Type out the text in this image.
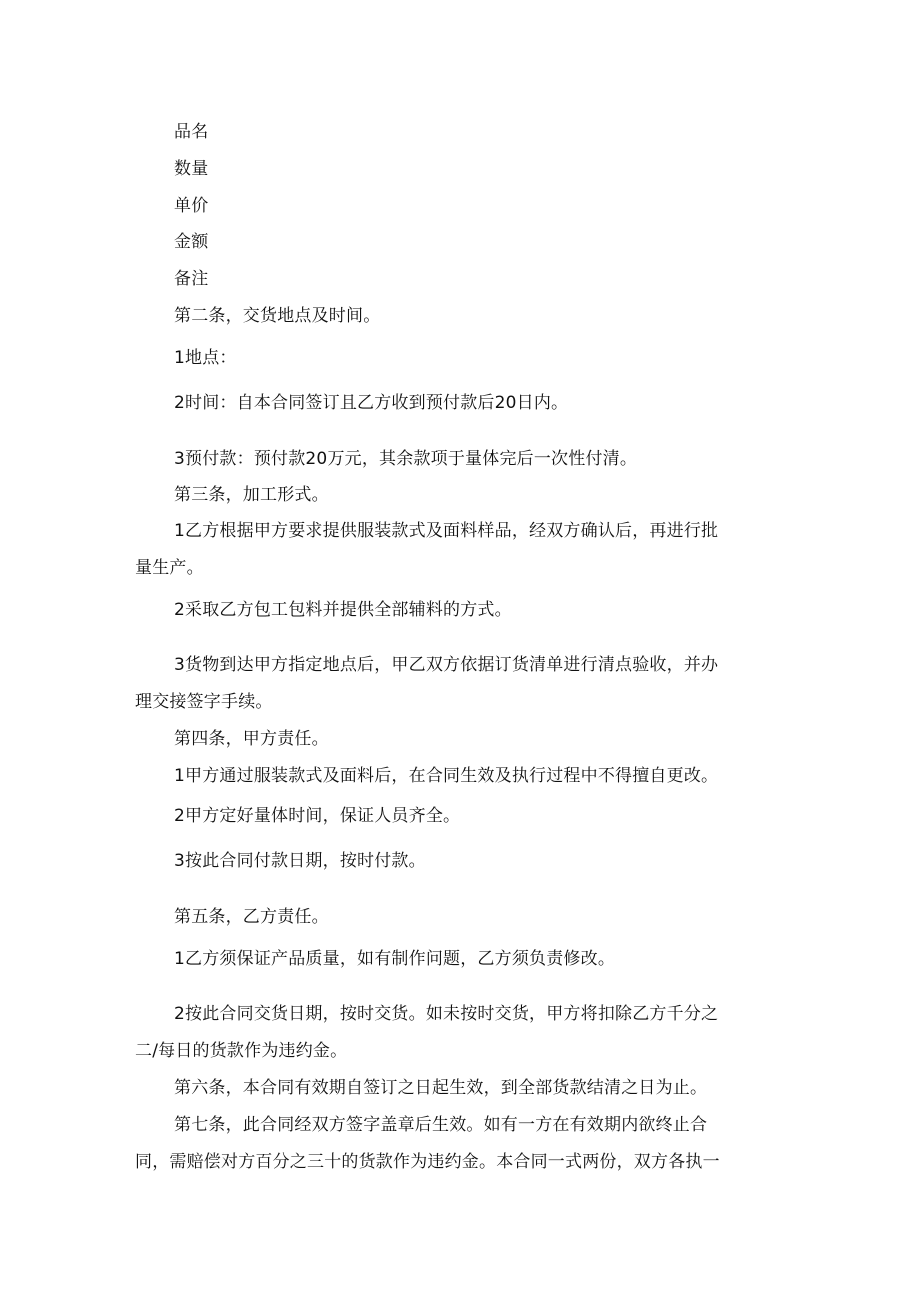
品名
数量
单价
金额
备注
第二条，交货地点及时间。
1地点：
2时间：自本合同签订且乙方收到预付款后20日内。
3预付款：预付款20万元，其余款项于量体完后一次性付清。
第三条，加工形式。
1乙方根据甲方要求提供服装款式及面料样品，经双方确认后，再进行批
量生产。
2采取乙方包工包料并提供全部辅料的方式。
3货物到达甲方指定地点后，甲乙双方依据订货清单进行清点验收，并办
理交接签字手续。
第四条，甲方责任。
1甲方通过服装款式及面料后，在合同生效及执行过程中不得擅自更改。
2甲方定好量体时间，保证人员齐全。
3按此合同付款日期，按时付款。
第五条，乙方责任。
1乙方须保证产品质量，如有制作问题，乙方须负责修改。
2按此合同交货日期，按时交货。如未按时交货，甲方将扣除乙方千分之
二/每日的货款作为违约金。
第六条，本合同有效期自签订之日起生效，到全部货款结清之日为止。
第七条，此合同经双方签字盖章后生效。如有一方在有效期内欲终止合
同，需赔偿对方百分之三十的货款作为违约金。本合同一式两份，双方各执一
